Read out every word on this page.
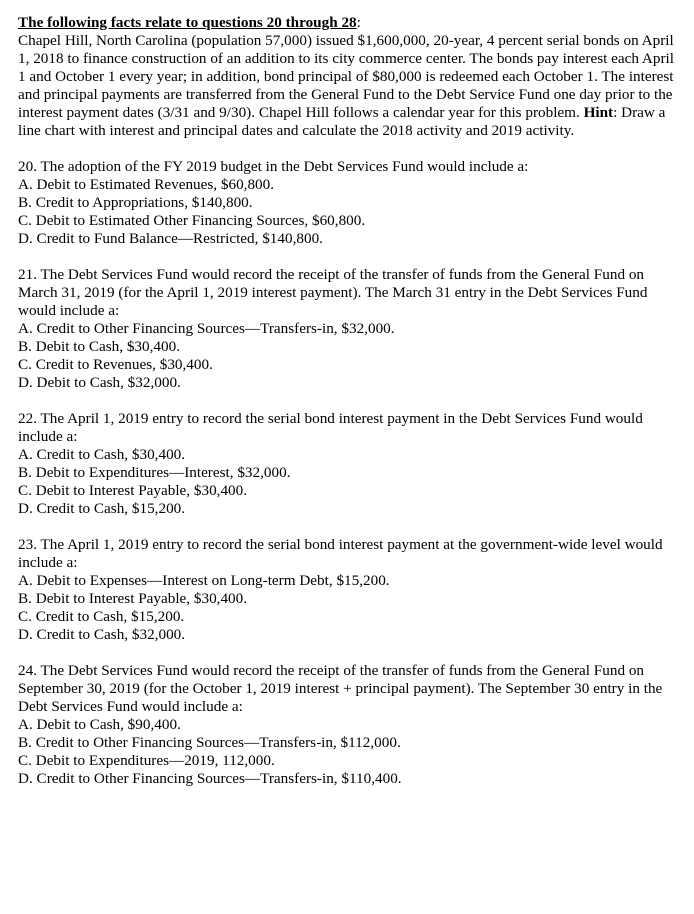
The following facts relate to questions 20 through 28:
Chapel Hill, North Carolina (population 57,000) issued $1,600,000, 20-year, 4 percent serial bonds on April 1, 2018 to finance construction of an addition to its city commerce center. The bonds pay interest each April 1 and October 1 every year; in addition, bond principal of $80,000 is redeemed each October 1. The interest and principal payments are transferred from the General Fund to the Debt Service Fund one day prior to the interest payment dates (3/31 and 9/30). Chapel Hill follows a calendar year for this problem. Hint: Draw a line chart with interest and principal dates and calculate the 2018 activity and 2019 activity.
20. The adoption of the FY 2019 budget in the Debt Services Fund would include a:
A. Debit to Estimated Revenues, $60,800.
B. Credit to Appropriations, $140,800.
C. Debit to Estimated Other Financing Sources, $60,800.
D. Credit to Fund Balance—Restricted, $140,800.
21. The Debt Services Fund would record the receipt of the transfer of funds from the General Fund on March 31, 2019 (for the April 1, 2019 interest payment). The March 31 entry in the Debt Services Fund would include a:
A. Credit to Other Financing Sources—Transfers-in, $32,000.
B. Debit to Cash, $30,400.
C. Credit to Revenues, $30,400.
D. Debit to Cash, $32,000.
22. The April 1, 2019 entry to record the serial bond interest payment in the Debt Services Fund would include a:
A. Credit to Cash, $30,400.
B. Debit to Expenditures—Interest, $32,000.
C. Debit to Interest Payable, $30,400.
D. Credit to Cash, $15,200.
23. The April 1, 2019 entry to record the serial bond interest payment at the government-wide level would include a:
A. Debit to Expenses—Interest on Long-term Debt, $15,200.
B. Debit to Interest Payable, $30,400.
C. Credit to Cash, $15,200.
D. Credit to Cash, $32,000.
24. The Debt Services Fund would record the receipt of the transfer of funds from the General Fund on September 30, 2019 (for the October 1, 2019 interest + principal payment). The September 30 entry in the Debt Services Fund would include a:
A. Debit to Cash, $90,400.
B. Credit to Other Financing Sources—Transfers-in, $112,000.
C. Debit to Expenditures—2019, 112,000.
D. Credit to Other Financing Sources—Transfers-in, $110,400.
